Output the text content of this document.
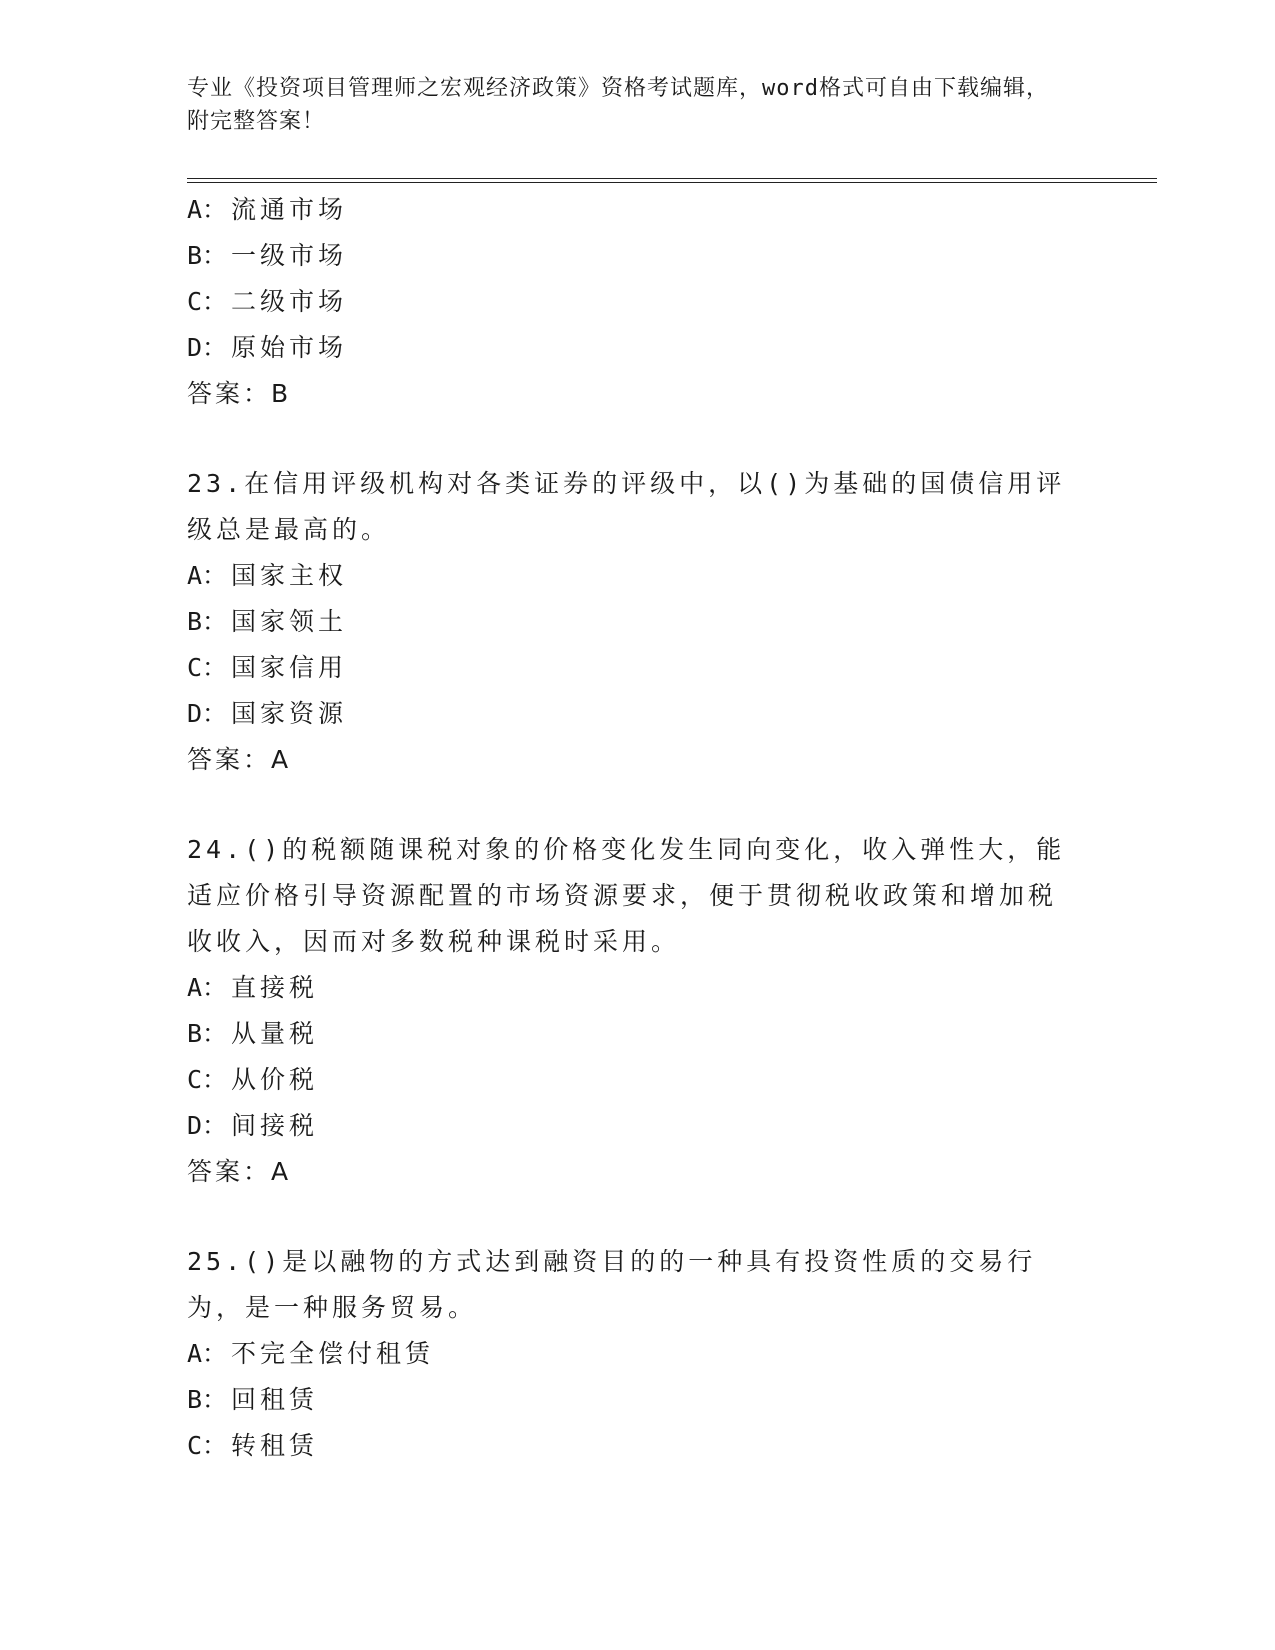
专业《投资项目管理师之宏观经济政策》资格考试题库，word格式可自由下载编辑，附完整答案！
A： 流通市场
B： 一级市场
C： 二级市场
D： 原始市场
答案：B
23.在信用评级机构对各类证券的评级中，以()为基础的国债信用评级总是最高的。
A： 国家主权
B： 国家领土
C： 国家信用
D： 国家资源
答案：A
24.()的税额随课税对象的价格变化发生同向变化，收入弹性大，能适应价格引导资源配置的市场资源要求，便于贯彻税收政策和增加税收收入，因而对多数税种课税时采用。
A： 直接税
B： 从量税
C： 从价税
D： 间接税
答案：A
25.()是以融物的方式达到融资目的的一种具有投资性质的交易行为，是一种服务贸易。
A： 不完全偿付租赁
B： 回租赁
C： 转租赁
